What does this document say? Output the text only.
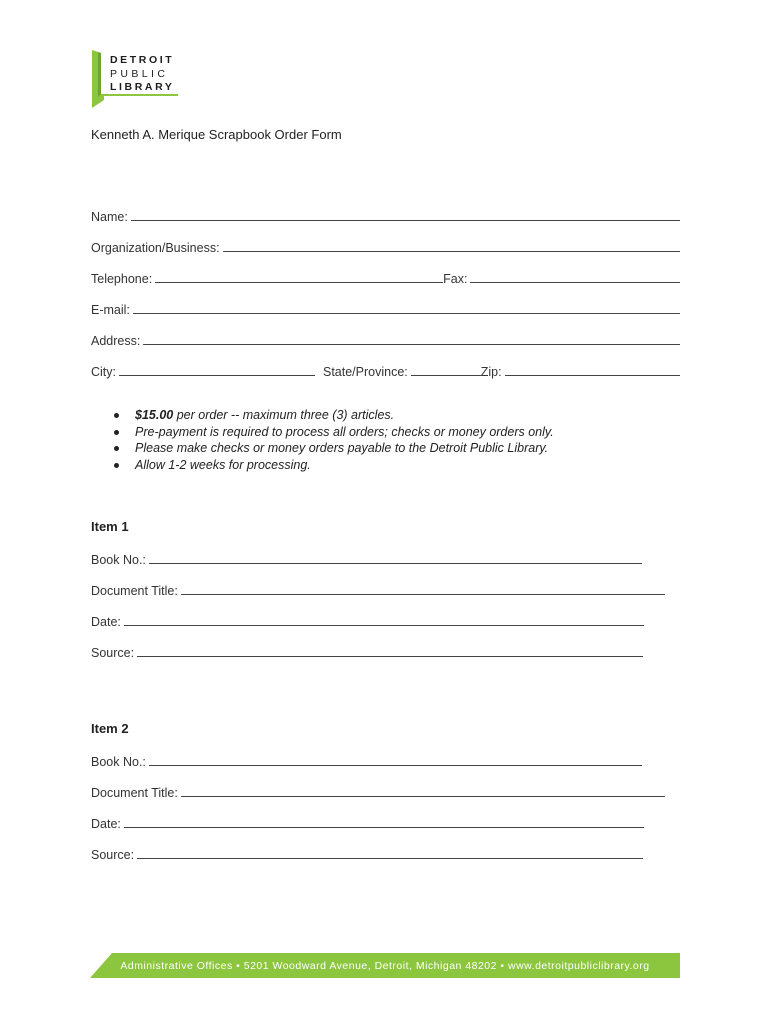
DETROIT
PUBLIC
LIBRARY
Kenneth A. Merique Scrapbook Order Form
Name:
Organization/Business:
Telephone:	Fax:
E-mail:
Address:
City:	State/Province:	Zip:
$15.00 per order -- maximum three (3) articles.
Pre-payment is required to process all orders; checks or money orders only.
Please make checks or money orders payable to the Detroit Public Library.
Allow 1-2 weeks for processing.
Item 1
Book No.:
Document Title:
Date:
Source:
Item 2
Book No.:
Document Title:
Date:
Source:
Administrative Offices • 5201 Woodward Avenue, Detroit, Michigan 48202 • www.detroitpubliclibrary.org
